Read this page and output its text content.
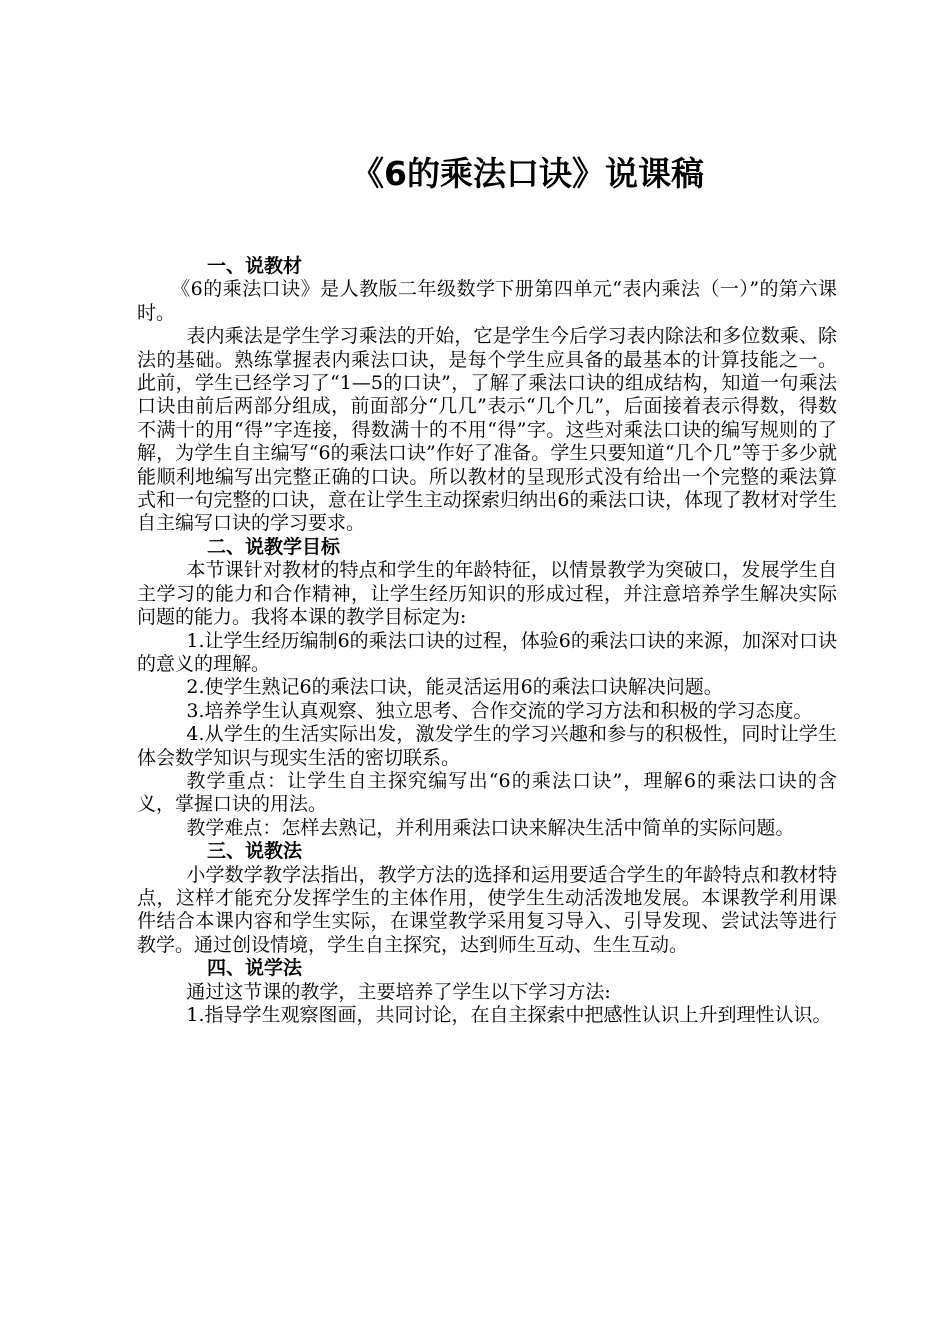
《6的乘法口诀》说课稿
一、说教材

《6的乘法口诀》是人教版二年级数学下册第四单元“表内乘法（一）”的第六课时。

表内乘法是学生学习乘法的开始，它是学生今后学习表内除法和多位数乘、除法的基础。熟练掌握表内乘法口诀，是每个学生应具备的最基本的计算技能之一。此前，学生已经学习了“1—5的口诀”，了解了乘法口诀的组成结构，知道一句乘法口诀由前后两部分组成，前面部分“几几”表示“几个几”，后面接着表示得数，得数不满十的用“得”字连接，得数满十的不用“得”字。这些对乘法口诀的编写规则的了解，为学生自主编写“6的乘法口诀”作好了准备。学生只要知道“几个几”等于多少就能顺利地编写出完整正确的口诀。所以教材的呈现形式没有给出一个完整的乘法算式和一句完整的口诀，意在让学生主动探索归纳出6的乘法口诀，体现了教材对学生自主编写口诀的学习要求。

二、说教学目标

本节课针对教材的特点和学生的年龄特征，以情景教学为突破口，发展学生自主学习的能力和合作精神，让学生经历知识的形成过程，并注意培养学生解决实际问题的能力。我将本课的教学目标定为:

1.让学生经历编制6的乘法口诀的过程，体验6的乘法口诀的来源，加深对口诀的意义的理解。

2.使学生熟记6的乘法口诀，能灵活运用6的乘法口诀解决问题。

3.培养学生认真观察、独立思考、合作交流的学习方法和积极的学习态度。

4.从学生的生活实际出发，激发学生的学习兴趣和参与的积极性，同时让学生体会数学知识与现实生活的密切联系。

教学重点：让学生自主探究编写出“6的乘法口诀”，理解6的乘法口诀的含义，掌握口诀的用法。

教学难点：怎样去熟记，并利用乘法口诀来解决生活中简单的实际问题。

三、说教法

小学数学教学法指出，教学方法的选择和运用要适合学生的年龄特点和教材特点，这样才能充分发挥学生的主体作用，使学生生动活泼地发展。本课教学利用课件结合本课内容和学生实际，在课堂教学采用复习导入、引导发现、尝试法等进行教学。通过创设情境，学生自主探究，达到师生互动、生生互动。

四、说学法

通过这节课的教学，主要培养了学生以下学习方法:

1.指导学生观察图画，共同讨论，在自主探索中把感性认识上升到理性认识。
